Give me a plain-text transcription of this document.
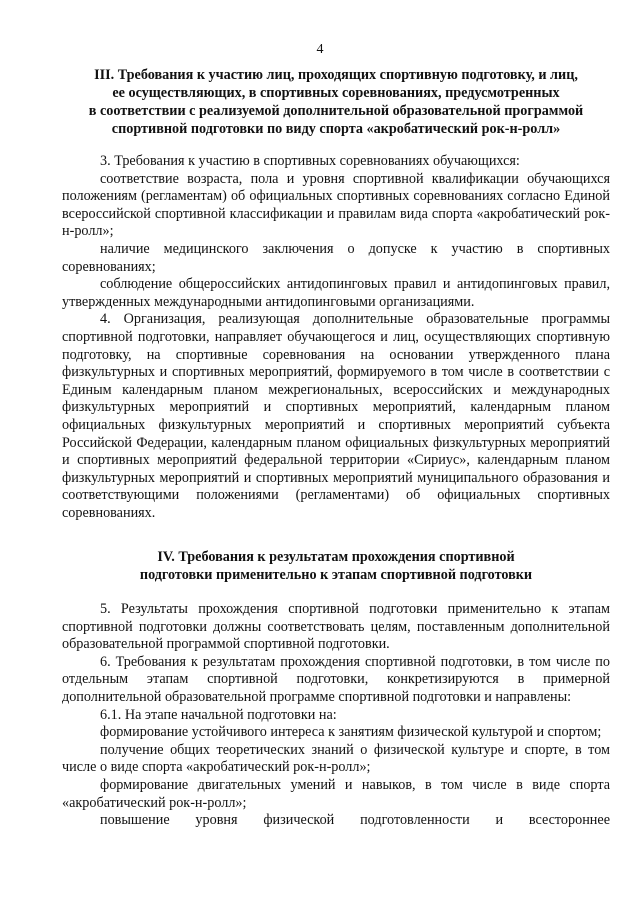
4
III. Требования к участию лиц, проходящих спортивную подготовку, и лиц,
ее осуществляющих, в спортивных соревнованиях, предусмотренных
в соответствии с реализуемой дополнительной образовательной программой
спортивной подготовки по виду спорта «акробатический рок-н-ролл»

3. Требования к участию в спортивных соревнованиях обучающихся:

соответствие возраста, пола и уровня спортивной квалификации обучающихся положениям (регламентам) об официальных спортивных соревнованиях согласно Единой всероссийской спортивной классификации и правилам вида спорта «акробатический рок-н-ролл»;

наличие медицинского заключения о допуске к участию в спортивных соревнованиях;

соблюдение общероссийских антидопинговых правил и антидопинговых правил, утвержденных международными антидопинговыми организациями.

4. Организация, реализующая дополнительные образовательные программы спортивной подготовки, направляет обучающегося и лиц, осуществляющих спортивную подготовку, на спортивные соревнования на основании утвержденного плана физкультурных и спортивных мероприятий, формируемого в том числе в соответствии с Единым календарным планом межрегиональных, всероссийских и международных физкультурных мероприятий и спортивных мероприятий, календарным планом официальных физкультурных мероприятий и спортивных мероприятий субъекта Российской Федерации, календарным планом официальных физкультурных мероприятий и спортивных мероприятий федеральной территории «Сириус», календарным планом физкультурных мероприятий и спортивных мероприятий муниципального образования и соответствующими положениями (регламентами) об официальных спортивных соревнованиях.

IV. Требования к результатам прохождения спортивной
подготовки применительно к этапам спортивной подготовки

5. Результаты прохождения спортивной подготовки применительно к этапам спортивной подготовки должны соответствовать целям, поставленным дополнительной образовательной программой спортивной подготовки.

6. Требования к результатам прохождения спортивной подготовки, в том числе по отдельным этапам спортивной подготовки, конкретизируются в примерной дополнительной образовательной программе спортивной подготовки и направлены:

6.1. На этапе начальной подготовки на:

формирование устойчивого интереса к занятиям физической культурой и спортом;

получение общих теоретических знаний о физической культуре и спорте, в том числе о виде спорта «акробатический рок-н-ролл»;

формирование двигательных умений и навыков, в том числе в виде спорта «акробатический рок-н-ролл»;

повышение уровня физической подготовленности и всестороннее
